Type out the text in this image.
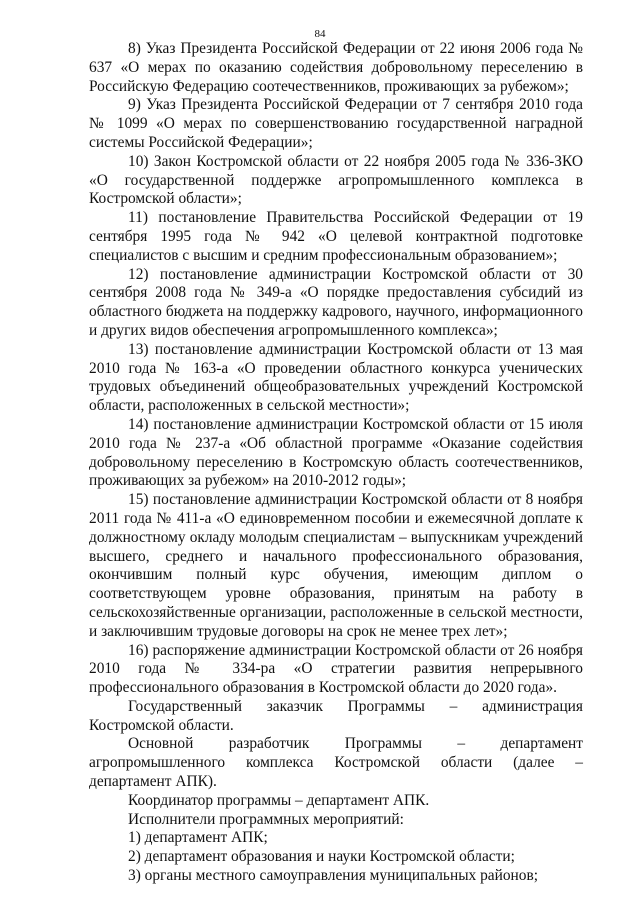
84

8) Указ Президента Российской Федерации от 22 июня 2006 года № 637 «О мерах по оказанию содействия добровольному переселению в Российскую Федерацию соотечественников, проживающих за рубежом»;

9) Указ Президента Российской Федерации от 7 сентября 2010 года № 1099 «О мерах по совершенствованию государственной наградной системы Российской Федерации»;

10) Закон Костромской области от 22 ноября 2005 года № 336-ЗКО «О государственной поддержке агропромышленного комплекса в Костромской области»;

11) постановление Правительства Российской Федерации от 19 сентября 1995 года № 942 «О целевой контрактной подготовке специалистов с высшим и средним профессиональным образованием»;

12) постановление администрации Костромской области от 30 сентября 2008 года № 349-а «О порядке предоставления субсидий из областного бюджета на поддержку кадрового, научного, информационного и других видов обеспечения агропромышленного комплекса»;

13) постановление администрации Костромской области от 13 мая 2010 года № 163-а «О проведении областного конкурса ученических трудовых объединений общеобразовательных учреждений Костромской области, расположенных в сельской местности»;

14) постановление администрации Костромской области от 15 июля 2010 года № 237-а «Об областной программе «Оказание содействия добровольному переселению в Костромскую область соотечественников, проживающих за рубежом» на 2010-2012 годы»;

15) постановление администрации Костромской области от 8 ноября 2011 года № 411-а «О единовременном пособии и ежемесячной доплате к должностному окладу молодым специалистам – выпускникам учреждений высшего, среднего и начального профессионального образования, окончившим полный курс обучения, имеющим диплом о соответствующем уровне образования, принятым на работу в сельскохозяйственные организации, расположенные в сельской местности, и заключившим трудовые договоры на срок не менее трех лет»;

16) распоряжение администрации Костромской области от 26 ноября 2010 года № 334-ра «О стратегии развития непрерывного профессионального образования в Костромской области до 2020 года».

Государственный заказчик Программы – администрация Костромской области.

Основной разработчик Программы – департамент агропромышленного комплекса Костромской области (далее – департамент АПК).

Координатор программы – департамент АПК.

Исполнители программных мероприятий:

1) департамент АПК;

2) департамент образования и науки Костромской области;

3) органы местного самоуправления муниципальных районов;
